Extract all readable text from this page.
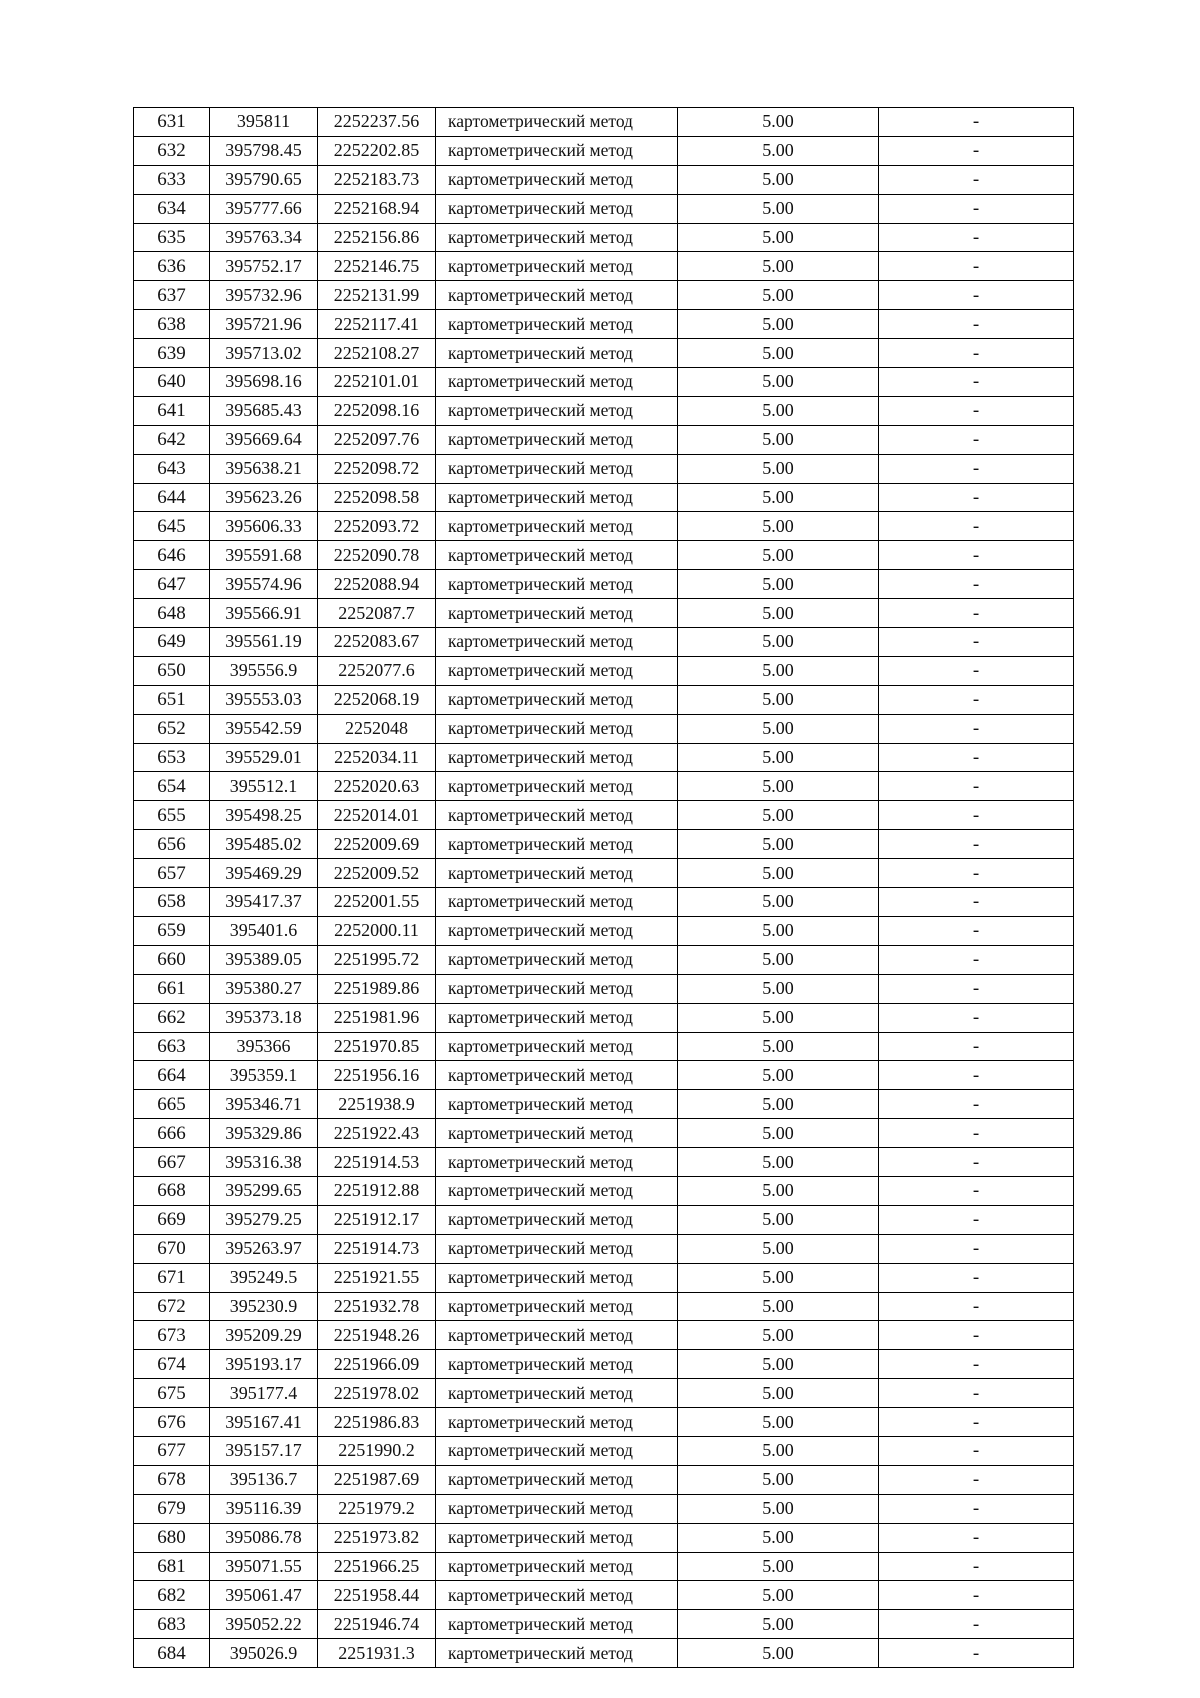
631	395811	2252237.56	картометрический метод	5.00	-
632	395798.45	2252202.85	картометрический метод	5.00	-
633	395790.65	2252183.73	картометрический метод	5.00	-
634	395777.66	2252168.94	картометрический метод	5.00	-
635	395763.34	2252156.86	картометрический метод	5.00	-
636	395752.17	2252146.75	картометрический метод	5.00	-
637	395732.96	2252131.99	картометрический метод	5.00	-
638	395721.96	2252117.41	картометрический метод	5.00	-
639	395713.02	2252108.27	картометрический метод	5.00	-
640	395698.16	2252101.01	картометрический метод	5.00	-
641	395685.43	2252098.16	картометрический метод	5.00	-
642	395669.64	2252097.76	картометрический метод	5.00	-
643	395638.21	2252098.72	картометрический метод	5.00	-
644	395623.26	2252098.58	картометрический метод	5.00	-
645	395606.33	2252093.72	картометрический метод	5.00	-
646	395591.68	2252090.78	картометрический метод	5.00	-
647	395574.96	2252088.94	картометрический метод	5.00	-
648	395566.91	2252087.7	картометрический метод	5.00	-
649	395561.19	2252083.67	картометрический метод	5.00	-
650	395556.9	2252077.6	картометрический метод	5.00	-
651	395553.03	2252068.19	картометрический метод	5.00	-
652	395542.59	2252048	картометрический метод	5.00	-
653	395529.01	2252034.11	картометрический метод	5.00	-
654	395512.1	2252020.63	картометрический метод	5.00	-
655	395498.25	2252014.01	картометрический метод	5.00	-
656	395485.02	2252009.69	картометрический метод	5.00	-
657	395469.29	2252009.52	картометрический метод	5.00	-
658	395417.37	2252001.55	картометрический метод	5.00	-
659	395401.6	2252000.11	картометрический метод	5.00	-
660	395389.05	2251995.72	картометрический метод	5.00	-
661	395380.27	2251989.86	картометрический метод	5.00	-
662	395373.18	2251981.96	картометрический метод	5.00	-
663	395366	2251970.85	картометрический метод	5.00	-
664	395359.1	2251956.16	картометрический метод	5.00	-
665	395346.71	2251938.9	картометрический метод	5.00	-
666	395329.86	2251922.43	картометрический метод	5.00	-
667	395316.38	2251914.53	картометрический метод	5.00	-
668	395299.65	2251912.88	картометрический метод	5.00	-
669	395279.25	2251912.17	картометрический метод	5.00	-
670	395263.97	2251914.73	картометрический метод	5.00	-
671	395249.5	2251921.55	картометрический метод	5.00	-
672	395230.9	2251932.78	картометрический метод	5.00	-
673	395209.29	2251948.26	картометрический метод	5.00	-
674	395193.17	2251966.09	картометрический метод	5.00	-
675	395177.4	2251978.02	картометрический метод	5.00	-
676	395167.41	2251986.83	картометрический метод	5.00	-
677	395157.17	2251990.2	картометрический метод	5.00	-
678	395136.7	2251987.69	картометрический метод	5.00	-
679	395116.39	2251979.2	картометрический метод	5.00	-
680	395086.78	2251973.82	картометрический метод	5.00	-
681	395071.55	2251966.25	картометрический метод	5.00	-
682	395061.47	2251958.44	картометрический метод	5.00	-
683	395052.22	2251946.74	картометрический метод	5.00	-
684	395026.9	2251931.3	картометрический метод	5.00	-
